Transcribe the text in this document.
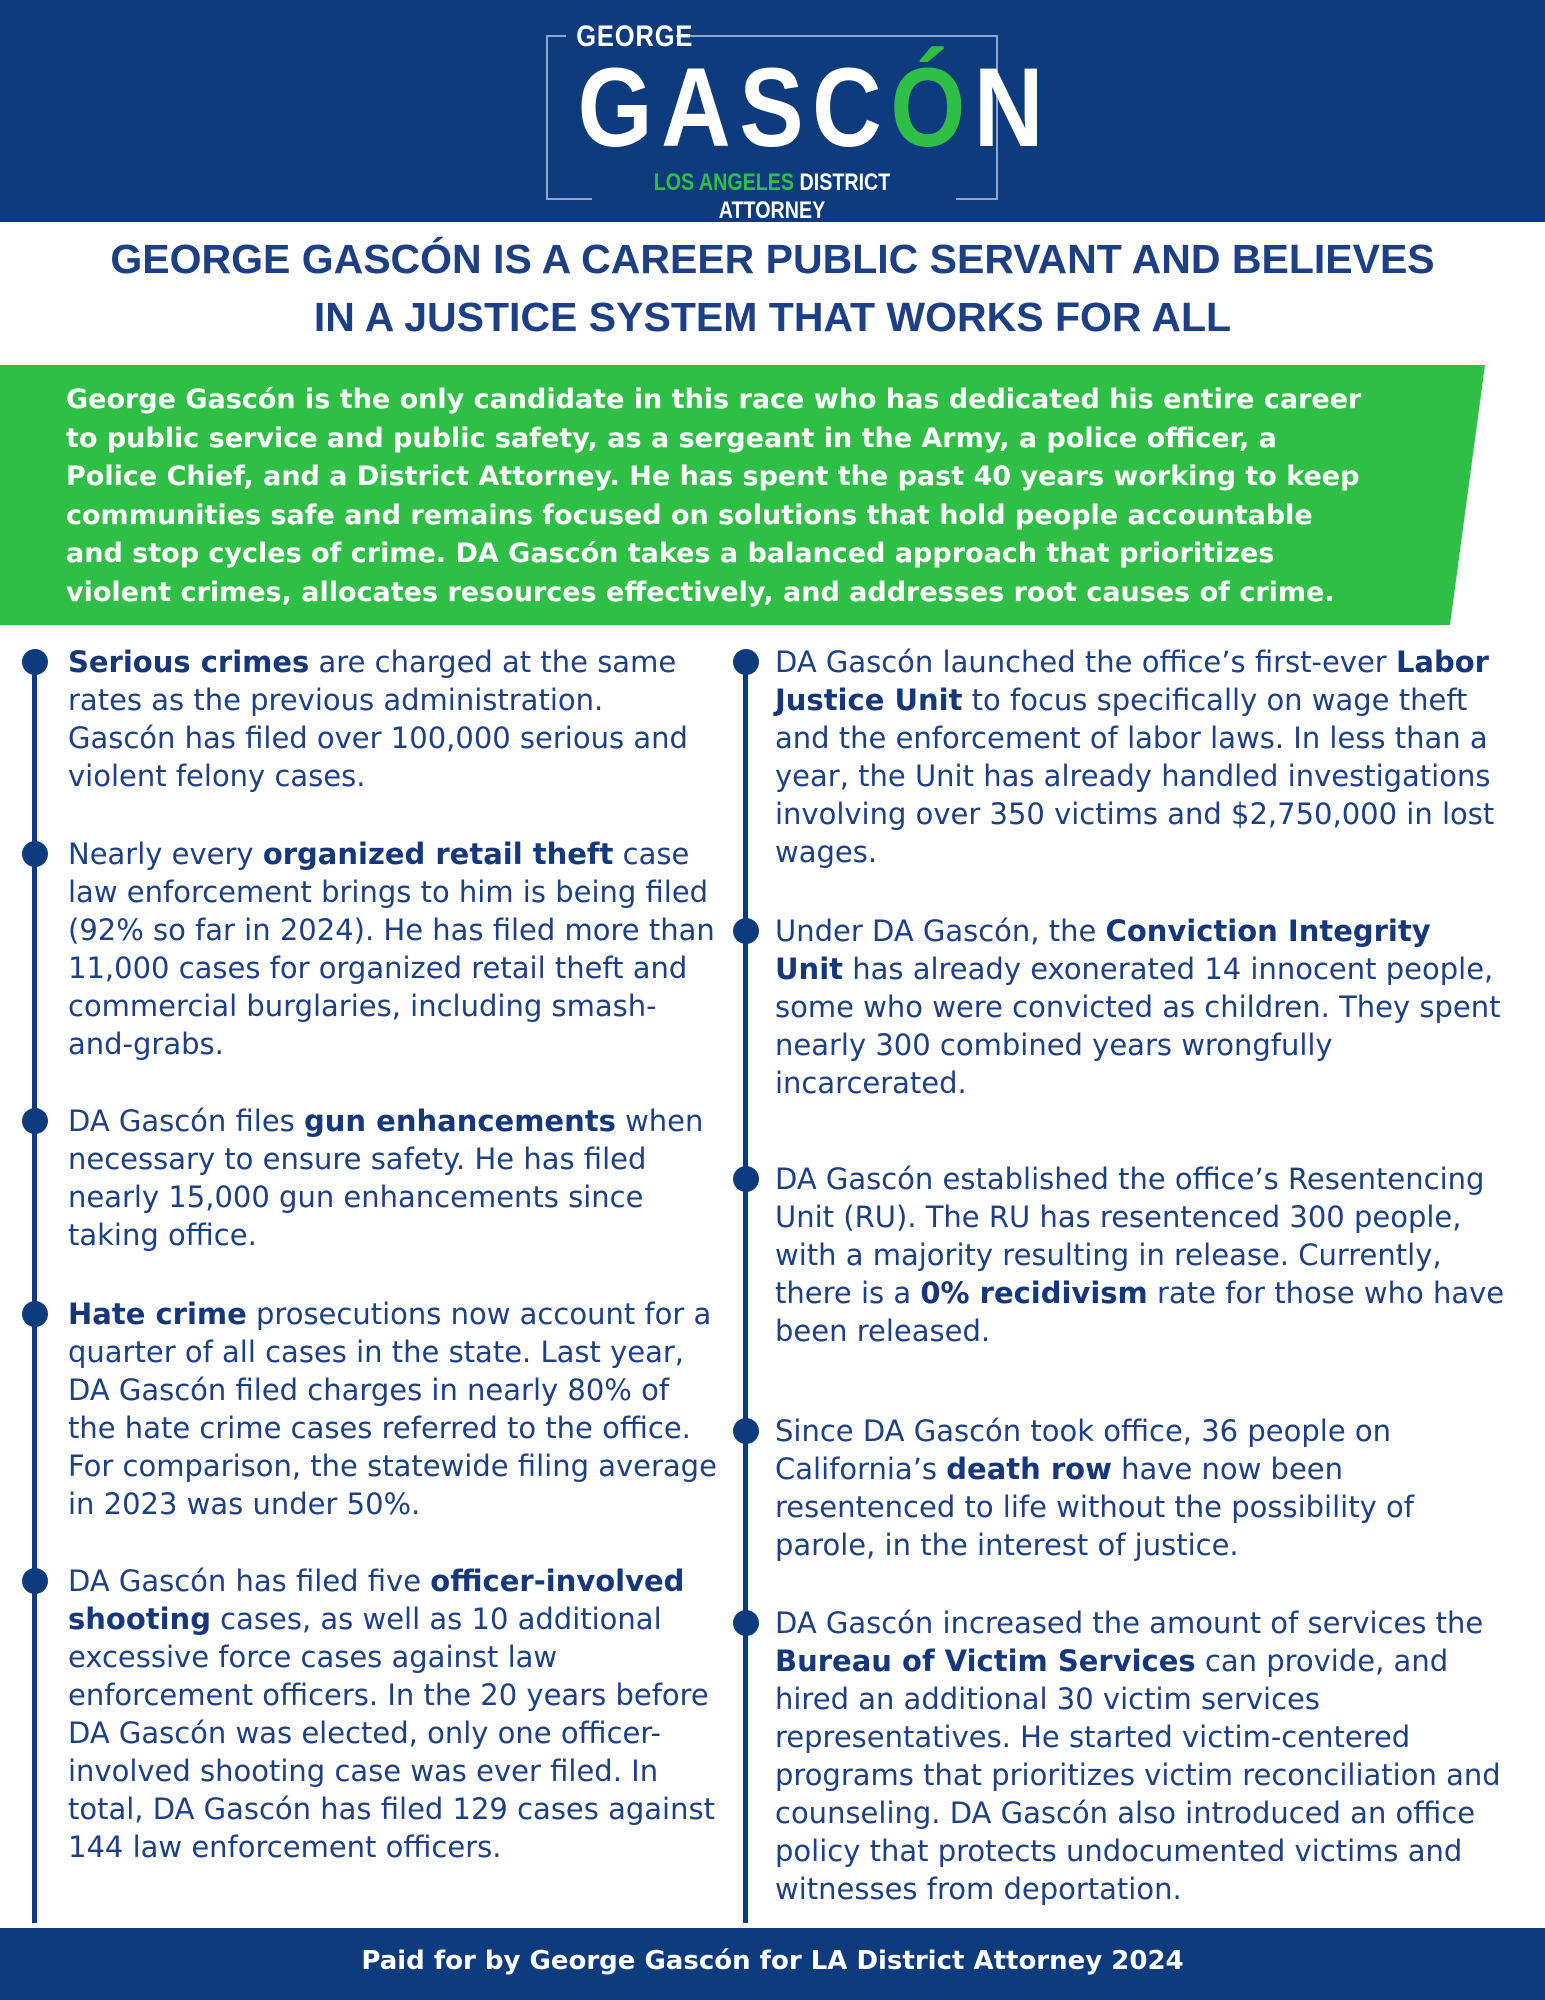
GEORGE
GASCÓN
LOS ANGELES DISTRICT ATTORNEY
GEORGE GASCÓN IS A CAREER PUBLIC SERVANT AND BELIEVES
IN A JUSTICE SYSTEM THAT WORKS FOR ALL
George Gascón is the only candidate in this race who has dedicated his entire career
to public service and public safety, as a sergeant in the Army, a police officer, a
Police Chief, and a District Attorney. He has spent the past 40 years working to keep
communities safe and remains focused on solutions that hold people accountable
and stop cycles of crime. DA Gascón takes a balanced approach that prioritizes
violent crimes, allocates resources effectively, and addresses root causes of crime.
Serious crimes are charged at the same rates as the previous administration. Gascón has filed over 100,000 serious and violent felony cases.
Nearly every organized retail theft case law enforcement brings to him is being filed (92% so far in 2024). He has filed more than 11,000 cases for organized retail theft and commercial burglaries, including smash-and-grabs.
DA Gascón files gun enhancements when necessary to ensure safety. He has filed nearly 15,000 gun enhancements since taking office.
Hate crime prosecutions now account for a quarter of all cases in the state. Last year, DA Gascón filed charges in nearly 80% of the hate crime cases referred to the office. For comparison, the statewide filing average in 2023 was under 50%.
DA Gascón has filed five officer-involved shooting cases, as well as 10 additional excessive force cases against law enforcement officers. In the 20 years before DA Gascón was elected, only one officer-involved shooting case was ever filed. In total, DA Gascón has filed 129 cases against 144 law enforcement officers.
DA Gascón launched the office’s first-ever Labor Justice Unit to focus specifically on wage theft and the enforcement of labor laws. In less than a year, the Unit has already handled investigations involving over 350 victims and $2,750,000 in lost wages.
Under DA Gascón, the Conviction Integrity Unit has already exonerated 14 innocent people, some who were convicted as children. They spent nearly 300 combined years wrongfully incarcerated.
DA Gascón established the office’s Resentencing Unit (RU). The RU has resentenced 300 people, with a majority resulting in release. Currently, there is a 0% recidivism rate for those who have been released.
Since DA Gascón took office, 36 people on California’s death row have now been resentenced to life without the possibility of parole, in the interest of justice.
DA Gascón increased the amount of services the Bureau of Victim Services can provide, and hired an additional 30 victim services representatives. He started victim-centered programs that prioritizes victim reconciliation and counseling. DA Gascón also introduced an office policy that protects undocumented victims and witnesses from deportation.
Paid for by George Gascón for LA District Attorney 2024
